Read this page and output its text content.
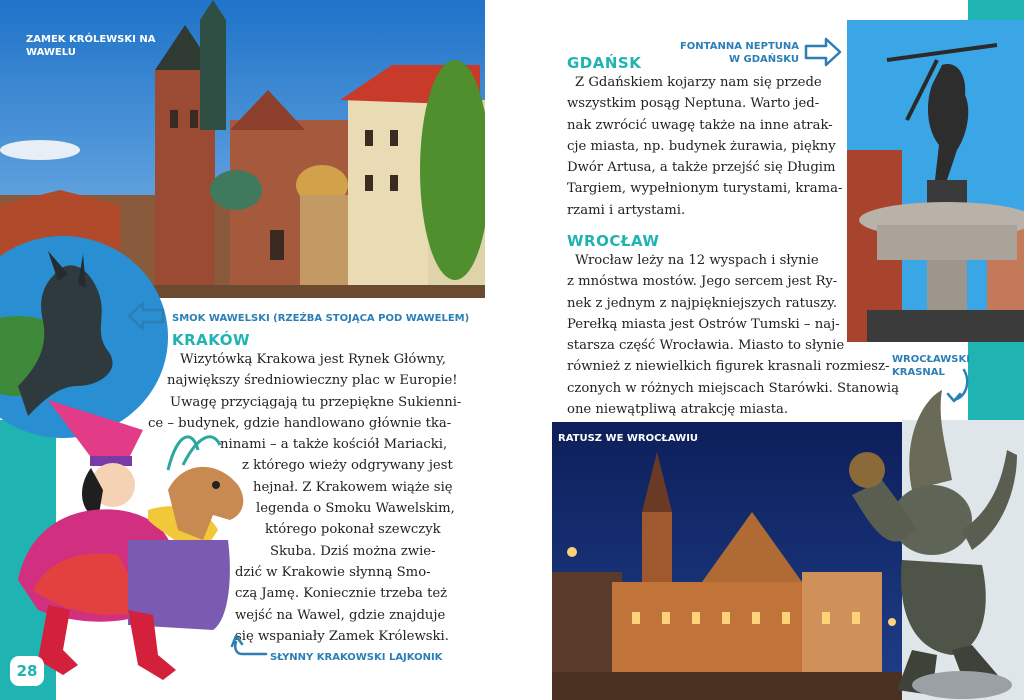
ZAMEK KRÓLEWSKI NA WAWELU
SMOK WAWELSKI (RZEŹBA STOJĄCA POD WAWELEM)
KRAKÓW
Wizytówką Krakowa jest Rynek Główny,
największy średniowieczny plac w Europie!
Uwagę przyciągają tu przepiękne Sukienni-
ce – budynek, gdzie handlowano głównie tka-
ninami – a także kościół Mariacki,
z którego wieży odgrywany jest
hejnał. Z Krakowem wiąże się
legenda o Smoku Wawelskim,
którego pokonał szewczyk
Skuba. Dziś można zwie-
dzić w Krakowie słynną Smo-
czą Jamę. Koniecznie trzeba też
wejść na Wawel, gdzie znajduje
się wspaniały Zamek Królewski.
SŁYNNY KRAKOWSKI LAJKONIK
28
FONTANNA NEPTUNA W GDAŃSKU
GDAŃSK
Z Gdańskiem kojarzy nam się przede
wszystkim posąg Neptuna. Warto jed-
nak zwrócić uwagę także na inne atrak-
cje miasta, np. budynek żurawia, piękny
Dwór Artusa, a także przejść się Długim
Targiem, wypełnionym turystami, krama-
rzami i artystami.
WROCŁAW
Wrocław leży na 12 wyspach i słynie
z mnóstwa mostów. Jego sercem jest Ry-
nek z jednym z najpiękniejszych ratuszy.
Perełką miasta jest Ostrów Tumski – naj-
starsza część Wrocławia. Miasto to słynie
również z niewielkich figurek krasnali rozmiesz-
czonych w różnych miejscach Starówki. Stanowią
one niewątpliwą atrakcję miasta.
WROCŁAWSKI KRASNAL
RATUSZ WE WROCŁAWIU
